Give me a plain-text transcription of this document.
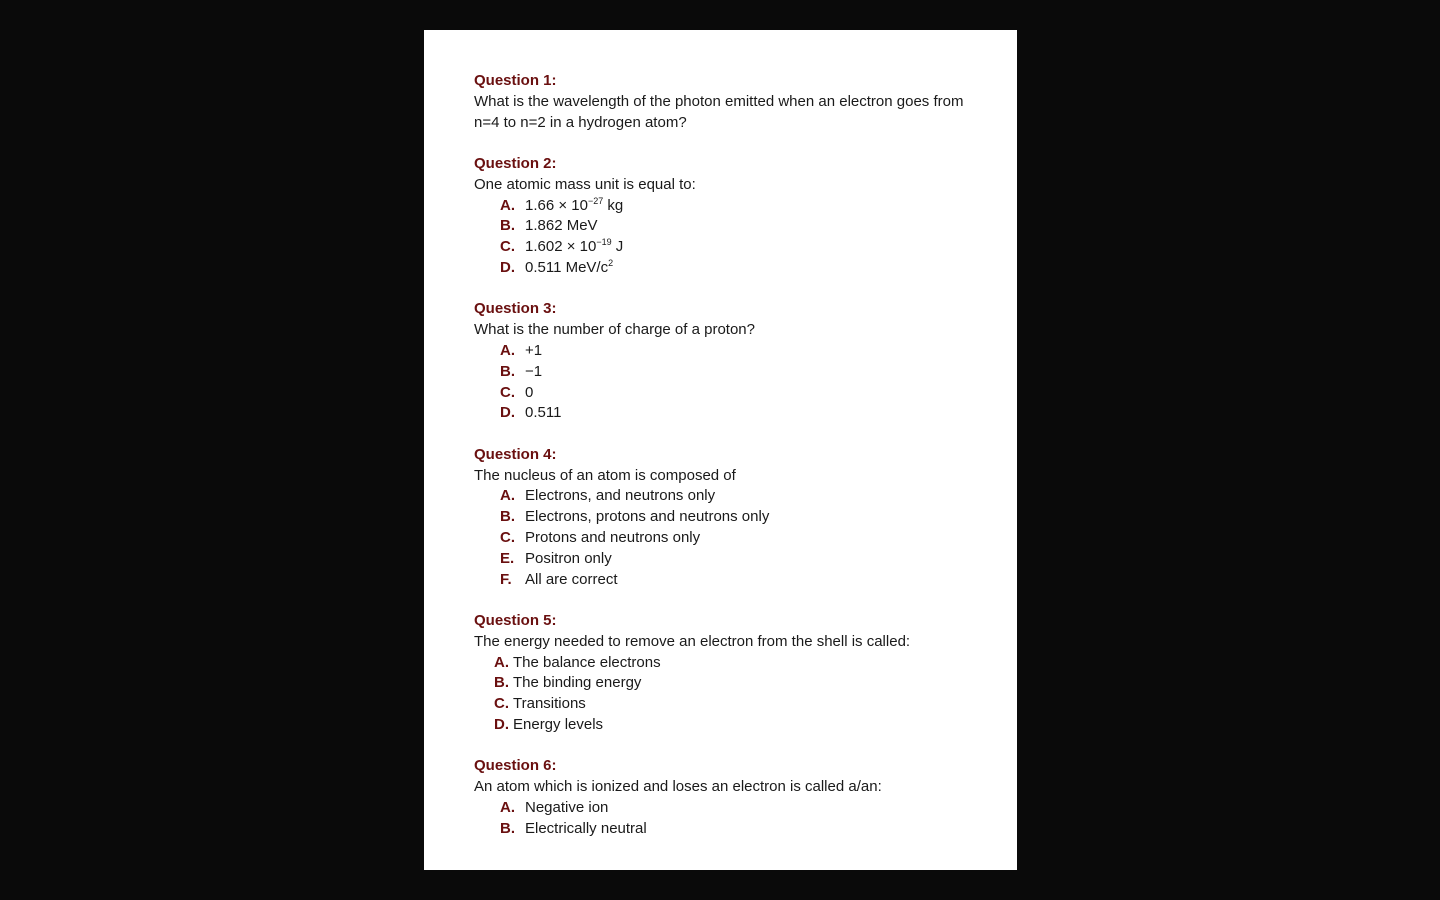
Question 1:

What is the wavelength of the photon emitted when an electron goes from n=4 to n=2 in a hydrogen atom?

Question 2:

One atomic mass unit is equal to:

A. $1.66 \times 10^{-27}$ kg
B. 1.862 MeV
C. $1.602 \times 10^{-19}$ J
D. 0.511 MeV/$c^2$
Question 3:

What is the number of charge of a proton?

A. +1
B. −1
C. 0
D. 0.511
Question 4:

The nucleus of an atom is composed of

A. Electrons, and neutrons only
B. Electrons, protons and neutrons only
C. Protons and neutrons only
E. Positron only
F. All are correct
Question 5:

The energy needed to remove an electron from the shell is called:

A. The balance electrons
B. The binding energy
C. Transitions
D. Energy levels
Question 6:

An atom which is ionized and loses an electron is called a/an:

A. Negative ion
B. Electrically neutral
